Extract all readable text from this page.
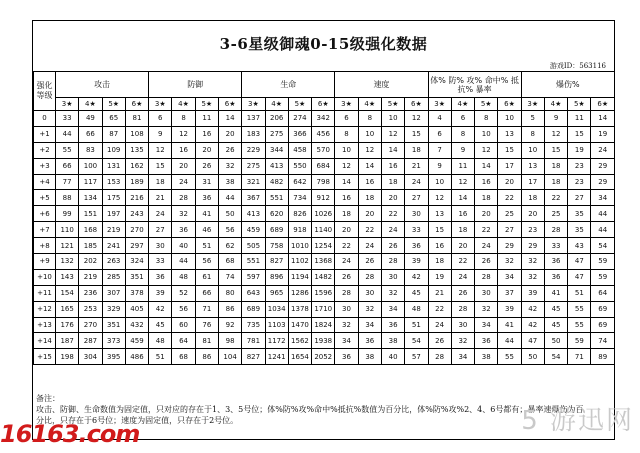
3-6星级御魂0-15级强化数据
游戏ID：563116
强化等级	攻击				防御				生命				速度				体% 防% 攻% 命中% 抵抗% 暴率				爆伤%			
	3★	4★	5★	6★	3★	4★	5★	6★	3★	4★	5★	6★	3★	4★	5★	6★	3★	4★	5★	6★	3★	4★	5★	6★
0	33	49	65	81	6	8	11	14	137	206	274	342	6	8	10	12	4	6	8	10	5	9	11	14
+1	44	66	87	108	9	12	16	20	183	275	366	456	8	10	12	15	6	8	10	13	8	12	15	19
+2	55	83	109	135	12	16	20	26	229	344	458	570	10	12	14	18	7	9	12	15	10	15	19	24
+3	66	100	131	162	15	20	26	32	275	413	550	684	12	14	16	21	9	11	14	17	13	18	23	29
+4	77	117	153	189	18	24	31	38	321	482	642	798	14	16	18	24	10	12	16	20	17	18	23	29
+5	88	134	175	216	21	28	36	44	367	551	734	912	16	18	20	27	12	14	18	22	18	22	27	34
+6	99	151	197	243	24	32	41	50	413	620	826	1026	18	20	22	30	13	16	20	25	20	25	35	44
+7	110	168	219	270	27	36	46	56	459	689	918	1140	20	22	24	33	15	18	22	27	23	28	35	44
+8	121	185	241	297	30	40	51	62	505	758	1010	1254	22	24	26	36	16	20	24	29	29	33	43	54
+9	132	202	263	324	33	44	56	68	551	827	1102	1368	24	26	28	39	18	22	26	32	32	36	47	59
+10	143	219	285	351	36	48	61	74	597	896	1194	1482	26	28	30	42	19	24	28	34	32	36	47	59
+11	154	236	307	378	39	52	66	80	643	965	1286	1596	28	30	32	45	21	26	30	37	39	41	51	64
+12	165	253	329	405	42	56	71	86	689	1034	1378	1710	30	32	34	48	22	28	32	39	42	45	55	69
+13	176	270	351	432	45	60	76	92	735	1103	1470	1824	32	34	36	51	24	30	34	41	42	45	55	69
+14	187	287	373	459	48	64	81	98	781	1172	1562	1938	34	36	38	54	26	32	36	44	47	50	59	74
+15	198	304	395	486	51	68	86	104	827	1241	1654	2052	36	38	40	57	28	34	38	55	50	54	71	89
备注：
攻击、防御、生命数值为固定值，只对应的存在于1、3、5号位；体%防%攻%命中%抵抗%数值为百分比，体%防%攻%2、4、6号都有；暴率速爆伤为百
分比，只存在于6号位；速度为固定值，只存在于2号位。
16163.com	5 游迅网
